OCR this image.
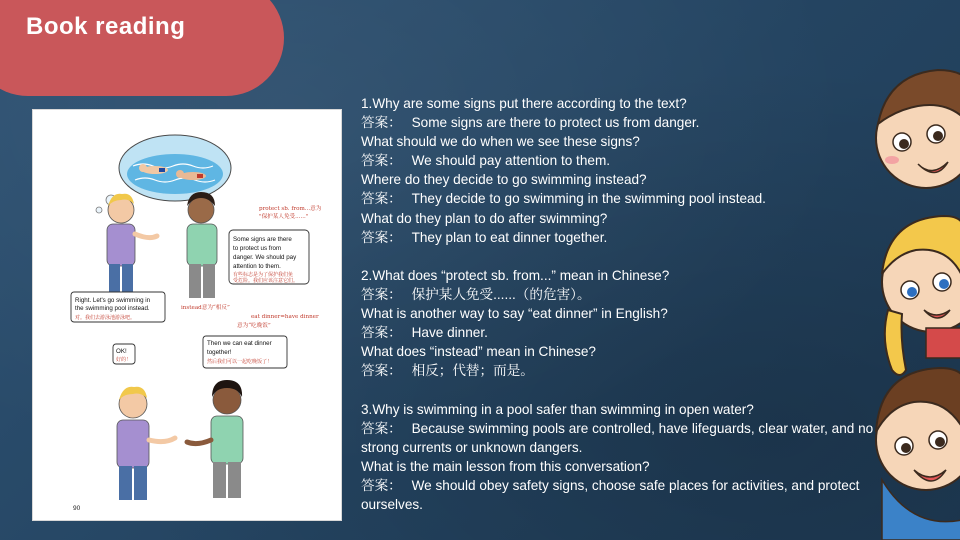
Book reading
protect sb. from...意为
"保护某人免受......"
Some signs are there
to protect us from
danger. We should pay
attention to them.
有些标志是为了保护我们免
受危险。我们应该注意它们。
Right. Let's go swimming in
the swimming pool instead.
对。我们去游泳池游泳吧。
instead意为“相反”
eat dinner=have dinner
意为“吃晚饭”
OK!
好的！
Then we can eat dinner
together!
然后我们可以一起吃晚饭了！
90

1.Why are some signs put there according to the text?

答案： Some signs are there to protect us from danger.

What should we do when we see these signs?

答案： We should pay attention to them.

Where do they decide to go swimming instead?

答案： They decide to go swimming in the swimming pool instead.

What do they plan to do after swimming?

答案： They plan to eat dinner together.

2.What does “protect sb. from...” mean in Chinese?

答案： 保护某人免受......（的危害）。

What is another way to say “eat dinner” in English?

答案： Have dinner.

What does “instead” mean in Chinese?

答案： 相反；代替；而是。

3.Why is swimming in a pool safer than swimming in open water?

答案： Because swimming pools are controlled, have lifeguards, clear water, and no strong currents or unknown dangers.

What is the main lesson from this conversation?

答案： We should obey safety signs, choose safe places for activities, and protect ourselves.
